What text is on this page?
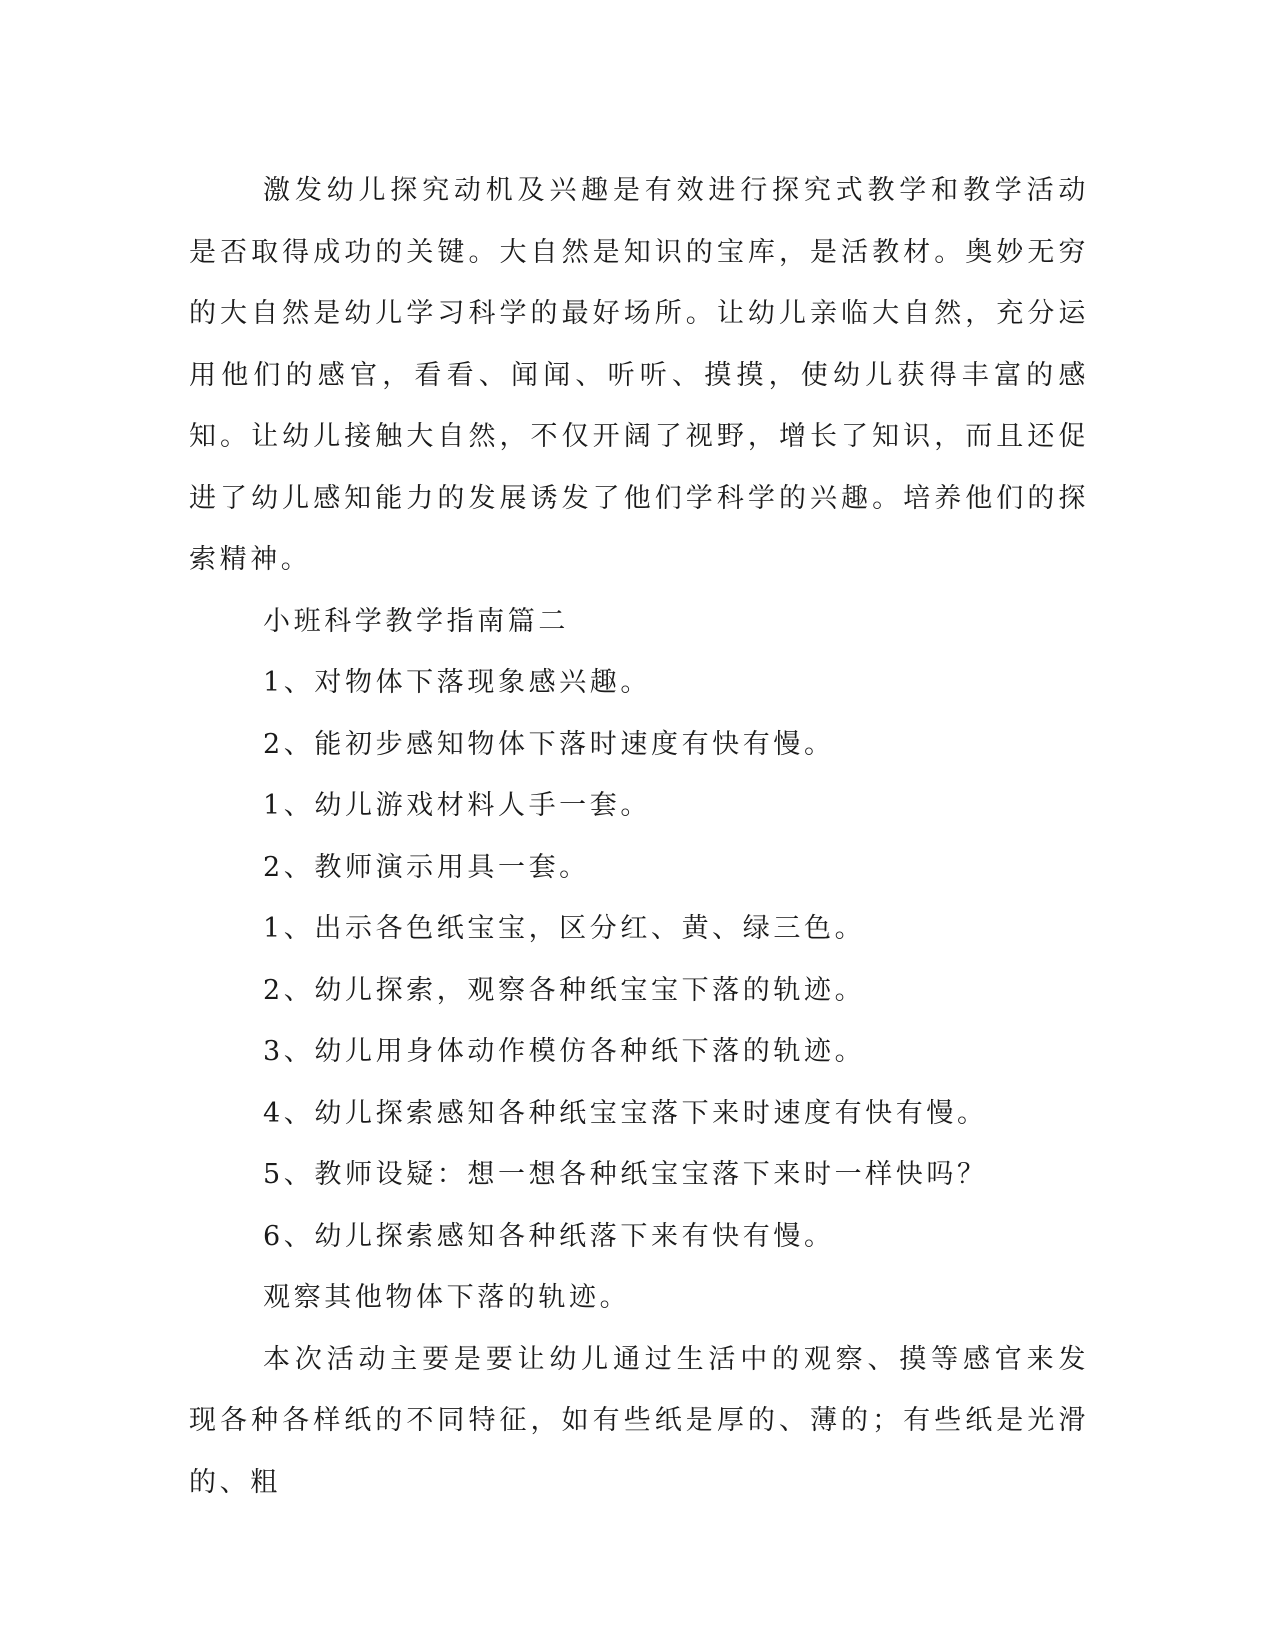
激发幼儿探究动机及兴趣是有效进行探究式教学和教学活动是否取得成功的关键。大自然是知识的宝库，是活教材。奥妙无穷的大自然是幼儿学习科学的最好场所。让幼儿亲临大自然，充分运用他们的感官，看看、闻闻、听听、摸摸，使幼儿获得丰富的感知。让幼儿接触大自然，不仅开阔了视野，增长了知识，而且还促进了幼儿感知能力的发展诱发了他们学科学的兴趣。培养他们的探索精神。

小班科学教学指南篇二

1、对物体下落现象感兴趣。

2、能初步感知物体下落时速度有快有慢。

1、幼儿游戏材料人手一套。

2、教师演示用具一套。

1、出示各色纸宝宝，区分红、黄、绿三色。

2、幼儿探索，观察各种纸宝宝下落的轨迹。

3、幼儿用身体动作模仿各种纸下落的轨迹。

4、幼儿探索感知各种纸宝宝落下来时速度有快有慢。

5、教师设疑：想一想各种纸宝宝落下来时一样快吗？

6、幼儿探索感知各种纸落下来有快有慢。

观察其他物体下落的轨迹。

本次活动主要是要让幼儿通过生活中的观察、摸等感官来发现各种各样纸的不同特征，如有些纸是厚的、薄的；有些纸是光滑的、粗
